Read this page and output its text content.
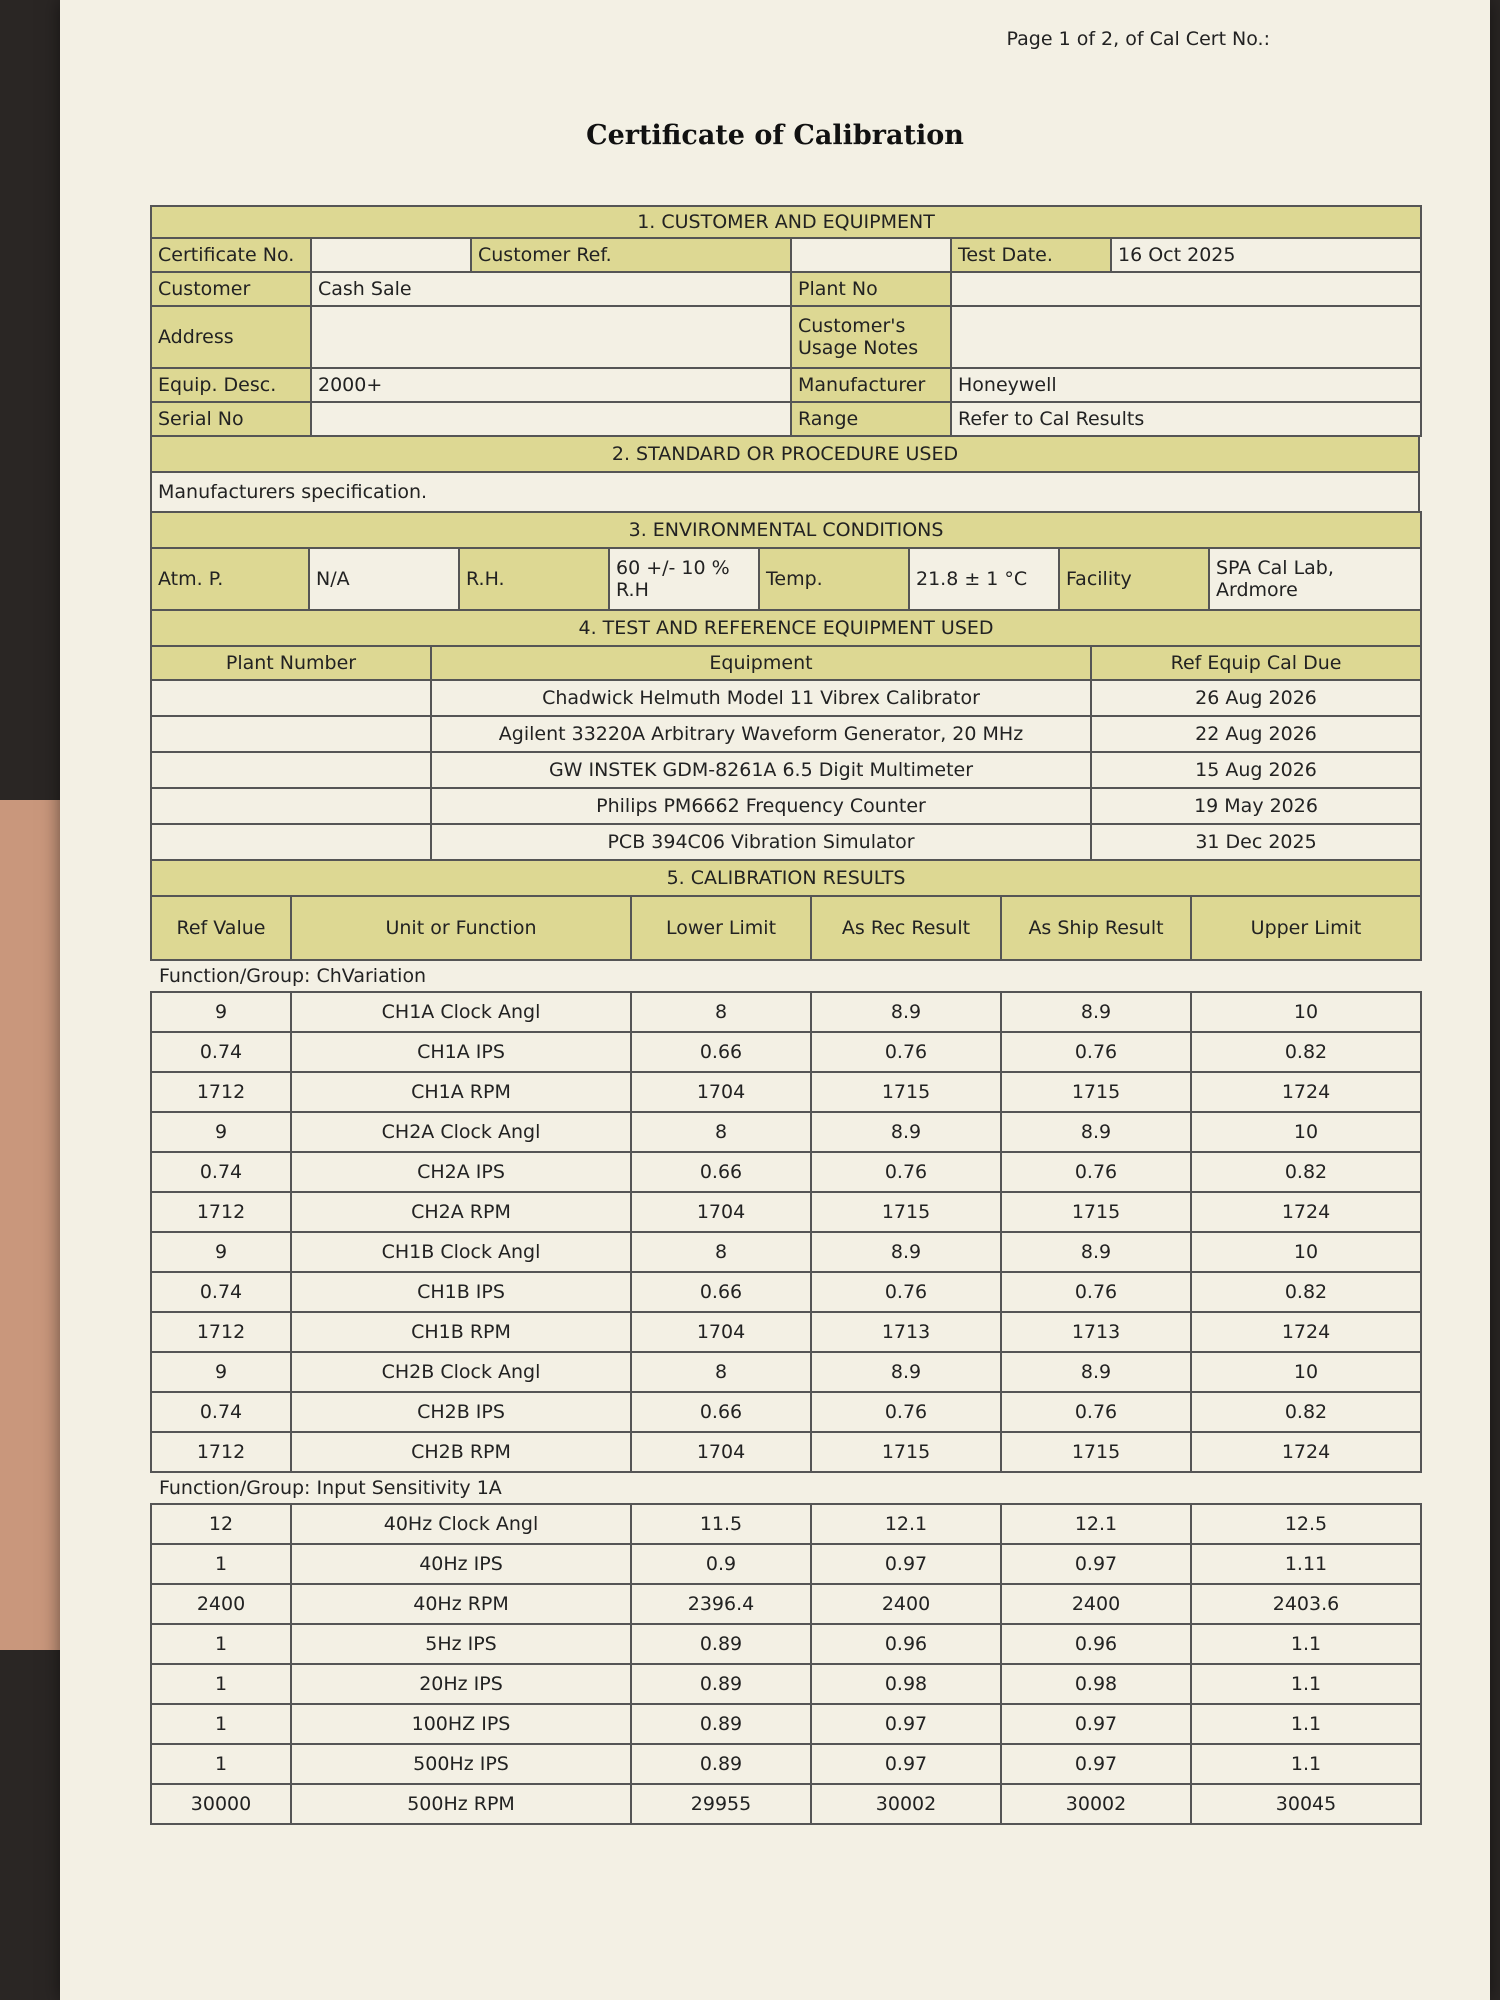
Page 1 of 2, of Cal Cert No.:
Certificate of Calibration
1. CUSTOMER AND EQUIPMENT					
Certificate No.		Customer Ref.		Test Date.	16 Oct 2025
Customer	Cash Sale		Plant No		
Address			Customer's Usage Notes		
Equip. Desc.	2000+		Manufacturer	Honeywell	
Serial No			Range	Refer to Cal Results	
2. STANDARD OR PROCEDURE USED
Manufacturers specification.
3. ENVIRONMENTAL CONDITIONS
Atm. P.	N/A	R.H.	60 +/- 10 % R.H	Temp.	21.8 ± 1 °C	Facility	SPA Cal Lab, Ardmore
4. TEST AND REFERENCE EQUIPMENT USED		
Plant Number	Equipment	Ref Equip Cal Due
	Chadwick Helmuth Model 11 Vibrex Calibrator	26 Aug 2026
	Agilent 33220A Arbitrary Waveform Generator, 20 MHz	22 Aug 2026
	GW INSTEK GDM-8261A 6.5 Digit Multimeter	15 Aug 2026
	Philips PM6662 Frequency Counter	19 May 2026
	PCB 394C06 Vibration Simulator	31 Dec 2025
5. CALIBRATION RESULTS					
Ref Value	Unit or Function	Lower Limit	As Rec Result	As Ship Result	Upper Limit
Function/Group: ChVariation					
9	CH1A Clock Angl	8	8.9	8.9	10
0.74	CH1A IPS	0.66	0.76	0.76	0.82
1712	CH1A RPM	1704	1715	1715	1724
9	CH2A Clock Angl	8	8.9	8.9	10
0.74	CH2A IPS	0.66	0.76	0.76	0.82
1712	CH2A RPM	1704	1715	1715	1724
9	CH1B Clock Angl	8	8.9	8.9	10
0.74	CH1B IPS	0.66	0.76	0.76	0.82
1712	CH1B RPM	1704	1713	1713	1724
9	CH2B Clock Angl	8	8.9	8.9	10
0.74	CH2B IPS	0.66	0.76	0.76	0.82
1712	CH2B RPM	1704	1715	1715	1724
Function/Group: Input Sensitivity 1A					
12	40Hz Clock Angl	11.5	12.1	12.1	12.5
1	40Hz IPS	0.9	0.97	0.97	1.11
2400	40Hz RPM	2396.4	2400	2400	2403.6
1	5Hz IPS	0.89	0.96	0.96	1.1
1	20Hz IPS	0.89	0.98	0.98	1.1
1	100HZ IPS	0.89	0.97	0.97	1.1
1	500Hz IPS	0.89	0.97	0.97	1.1
30000	500Hz RPM	29955	30002	30002	30045
